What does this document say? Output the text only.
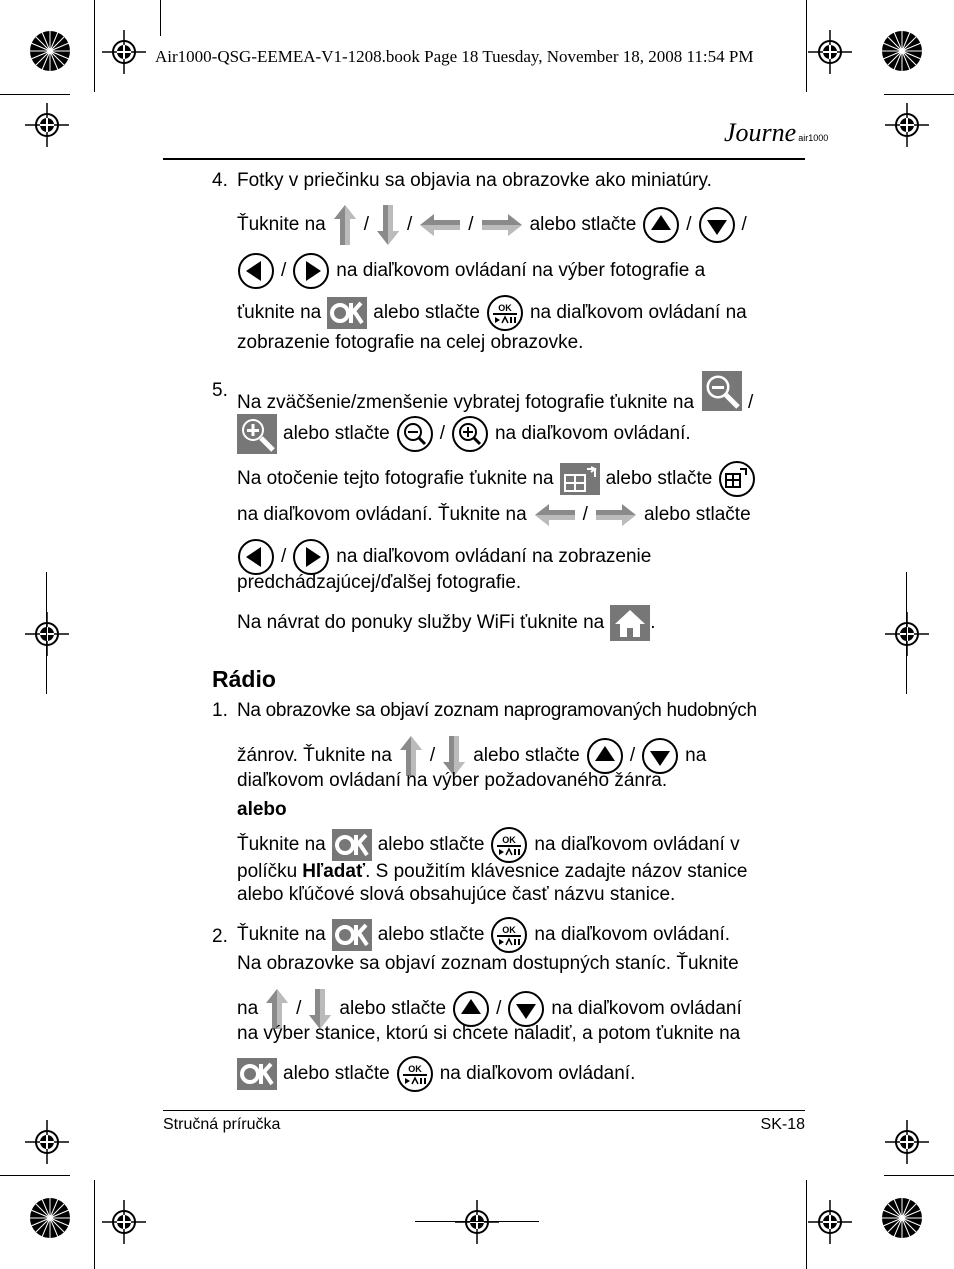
Air1000-QSG-EEMEA-V1-1208.book Page 18 Tuesday, November 18, 2008 11:54 PM
Journe air1000
4. Fotky v priečinku sa objavia na obrazovke ako miniatúry.
Ťuknite na / /	/	alebo stlačte	/	/
/	na diaľkovom ovládaní na výber fotografie a
ťuknite na	alebo stlačte	na diaľkovom ovládaní na
zobrazenie fotografie na celej obrazovke.
5.
Na zväčšenie/zmenšenie vybratej fotografie ťuknite na	/
alebo stlačte	/	na diaľkovom ovládaní.
Na otočenie tejto fotografie ťuknite na	alebo stlačte
na diaľkovom ovládaní. Ťuknite na	/	alebo stlačte
/	na diaľkovom ovládaní na zobrazenie
predchádzajúcej/ďalšej fotografie.
Na návrat do ponuky služby WiFi ťuknite na .
Rádio
1. Na obrazovke sa objaví zoznam naprogramovaných hudobných
žánrov. Ťuknite na / alebo stlačte	/	na
diaľkovom ovládaní na výber požadovaného žánra.
alebo
Ťuknite na	alebo stlačte	na diaľkovom ovládaní v
políčku Hľadať . S použitím klávesnice zadajte názov stanice
alebo kľúčové slová obsahujúce časť názvu stanice.
2. Ťuknite na	alebo stlačte	na diaľkovom ovládaní.
Na obrazovke sa objaví zoznam dostupných staníc. Ťuknite
na / alebo stlačte	/	na diaľkovom ovládaní
na výber stanice, ktorú si chcete naladiť, a potom ťuknite na
alebo stlačte	na diaľkovom ovládaní.
Stručná príručka	SK-18
